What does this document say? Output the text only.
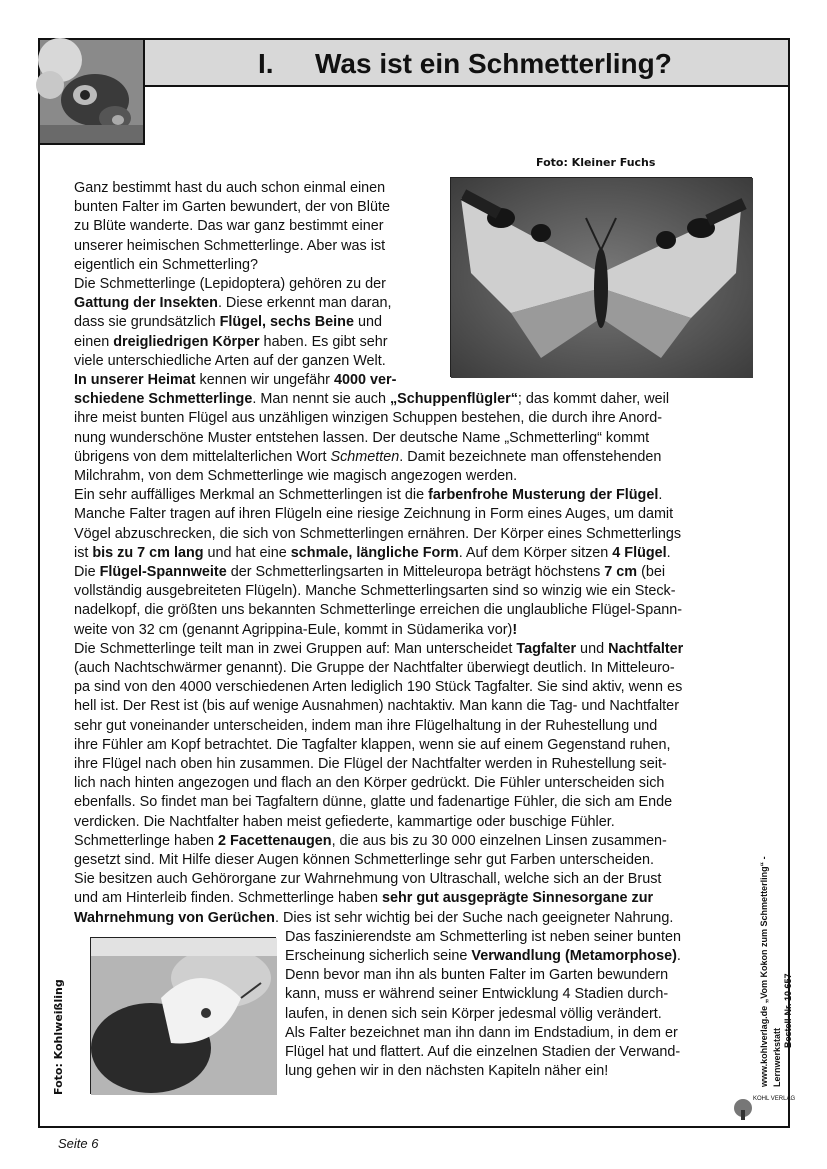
I. Was ist ein Schmetterling?
Foto: Kleiner Fuchs
Foto: Kohlweißling
Ganz bestimmt hast du auch schon einmal einen
bunten Falter im Garten bewundert, der von Blüte
zu Blüte wanderte. Das war ganz bestimmt einer
unserer heimischen Schmetterlinge. Aber was ist
eigentlich ein Schmetterling?
Die Schmetterlinge (Lepidoptera) gehören zu der
Gattung der Insekten. Diese erkennt man daran,
dass sie grundsätzlich Flügel, sechs Beine und
einen dreigliedrigen Körper haben. Es gibt sehr
viele unterschiedliche Arten auf der ganzen Welt.
In unserer Heimat kennen wir ungefähr 4000 ver-
schiedene Schmetterlinge. Man nennt sie auch „Schuppenflügler“; das kommt daher, weil
ihre meist bunten Flügel aus unzähligen winzigen Schuppen bestehen, die durch ihre Anord-
nung wunderschöne Muster entstehen lassen. Der deutsche Name „Schmetterling“ kommt
übrigens von dem mittelalterlichen Wort Schmetten. Damit bezeichnete man offenstehenden
Milchrahm, von dem Schmetterlinge wie magisch angezogen werden.
Ein sehr auffälliges Merkmal an Schmetterlingen ist die farbenfrohe Musterung der Flügel.
Manche Falter tragen auf ihren Flügeln eine riesige Zeichnung in Form eines Auges, um damit
Vögel abzuschrecken, die sich von Schmetterlingen ernähren. Der Körper eines Schmetterlings
ist bis zu 7 cm lang und hat eine schmale, längliche Form. Auf dem Körper sitzen 4 Flügel.
Die Flügel-Spannweite der Schmetterlingsarten in Mitteleuropa beträgt höchstens 7 cm (bei
vollständig ausgebreiteten Flügeln). Manche Schmetterlingsarten sind so winzig wie ein Steck-
nadelkopf, die größten uns bekannten Schmetterlinge erreichen die unglaubliche Flügel-Spann-
weite von 32 cm (genannt Agrippina-Eule, kommt in Südamerika vor)!
Die Schmetterlinge teilt man in zwei Gruppen auf: Man unterscheidet Tagfalter und Nachtfalter
(auch Nachtschwärmer genannt). Die Gruppe der Nachtfalter überwiegt deutlich. In Mitteleuro-
pa sind von den 4000 verschiedenen Arten lediglich 190 Stück Tagfalter. Sie sind aktiv, wenn es
hell ist. Der Rest ist (bis auf wenige Ausnahmen) nachtaktiv. Man kann die Tag- und Nachtfalter
sehr gut voneinander unterscheiden, indem man ihre Flügelhaltung in der Ruhestellung und
ihre Fühler am Kopf betrachtet. Die Tagfalter klappen, wenn sie auf einem Gegenstand ruhen,
ihre Flügel nach oben hin zusammen. Die Flügel der Nachtfalter werden in Ruhestellung seit-
lich nach hinten angezogen und flach an den Körper gedrückt. Die Fühler unterscheiden sich
ebenfalls. So findet man bei Tagfaltern dünne, glatte und fadenartige Fühler, die sich am Ende
verdicken. Die Nachtfalter haben meist gefiederte, kammartige oder buschige Fühler.
Schmetterlinge haben 2 Facettenaugen, die aus bis zu 30 000 einzelnen Linsen zusammen-
gesetzt sind. Mit Hilfe dieser Augen können Schmetterlinge sehr gut Farben unterscheiden.
Sie besitzen auch Gehörorgane zur Wahrnehmung von Ultraschall, welche sich an der Brust
und am Hinterleib finden. Schmetterlinge haben sehr gut ausgeprägte Sinnesorgane zur
Wahrnehmung von Gerüchen. Dies ist sehr wichtig bei der Suche nach geeigneter Nahrung.
Das faszinierendste am Schmetterling ist neben seiner bunten
Erscheinung sicherlich seine Verwandlung (Metamorphose).
Denn bevor man ihn als bunten Falter im Garten bewundern
kann, muss er während seiner Entwicklung 4 Stadien durch-
laufen, in denen sich sein Körper jedesmal völlig verändert.
Als Falter bezeichnet man ihn dann im Endstadium, in dem er
Flügel hat und flattert. Auf die einzelnen Stadien der Verwand-
lung gehen wir in den nächsten Kapiteln näher ein!
Bestell-Nr. 10 657
Lernwerkstatt
www.kohlverlag.de „Vom Kokon zum Schmetterling“ -
KOHL VERLAG
Seite 6
